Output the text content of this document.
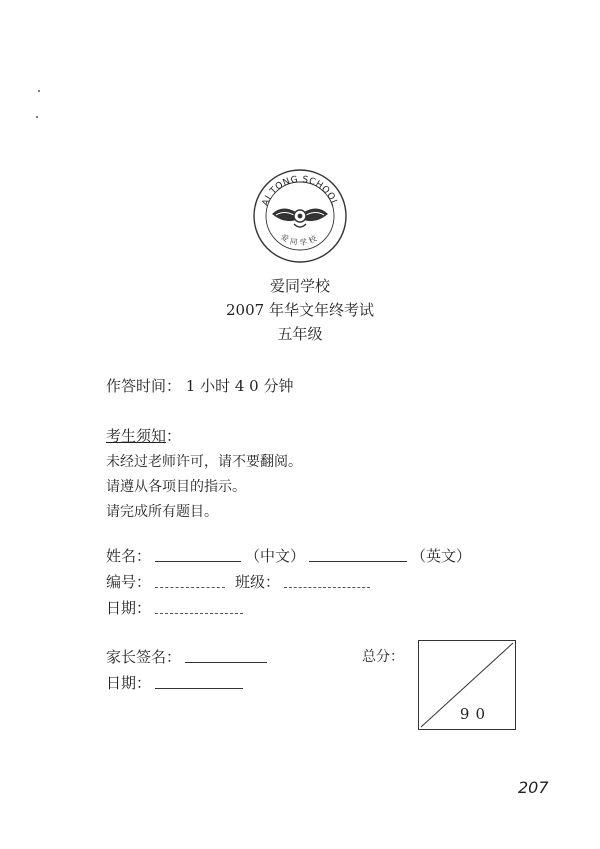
AI TONG SCHOOL
爱同学校
爱同学校
2007 年华文年终考试
五年级
作答时间： 1 小时 4 0 分钟
考生须知：
未经过老师许可，请不要翻阅。
请遵从各项目的指示。
请完成所有题目。
姓名：	（中文）	（英文）
编号：	班级：
日期：
家长签名：
日期：
总分：
90
207
